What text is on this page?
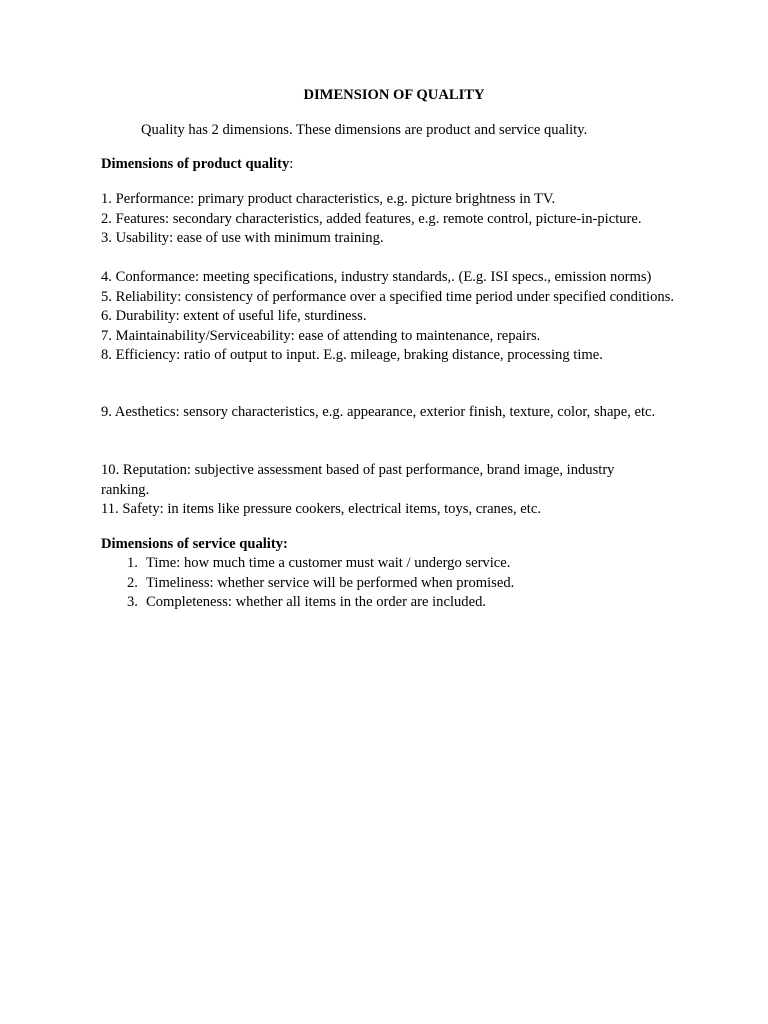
DIMENSION OF QUALITY

Quality has 2 dimensions. These dimensions are product and service quality.

Dimensions of product quality:

1. Performance: primary product characteristics, e.g. picture brightness in TV.

2. Features: secondary characteristics, added features, e.g. remote control, picture-in-picture.

3. Usability: ease of use with minimum training.

4. Conformance: meeting specifications, industry standards,. (E.g. ISI specs., emission norms)

5. Reliability: consistency of performance over a specified time period under specified conditions.

6. Durability: extent of useful life, sturdiness.

7. Maintainability/Serviceability: ease of attending to maintenance, repairs.

8. Efficiency: ratio of output to input. E.g. mileage, braking distance, processing time.

9. Aesthetics: sensory characteristics, e.g. appearance, exterior finish, texture, color, shape, etc.

10. Reputation: subjective assessment based of past performance, brand image, industry ranking.

11. Safety: in items like pressure cookers, electrical items, toys, cranes, etc.

Dimensions of service quality:

1. Time: how much time a customer must wait / undergo service.
2. Timeliness: whether service will be performed when promised.
3. Completeness: whether all items in the order are included.
